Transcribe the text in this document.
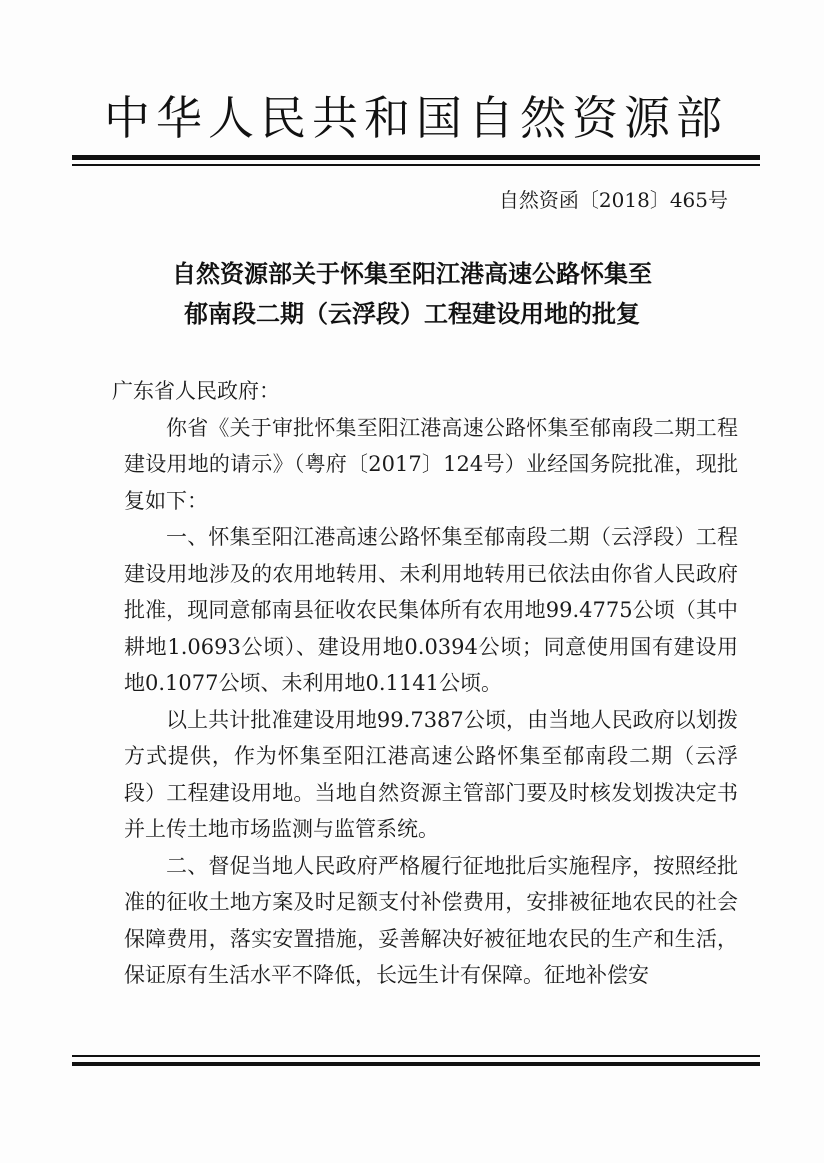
中华人民共和国自然资源部
自然资函〔2018〕465号
自然资源部关于怀集至阳江港高速公路怀集至
郁南段二期（云浮段）工程建设用地的批复

广东省人民政府：

你省《关于审批怀集至阳江港高速公路怀集至郁南段二期工程建设用地的请示》（粤府〔2017〕124号）业经国务院批准，现批复如下：

一、怀集至阳江港高速公路怀集至郁南段二期（云浮段）工程建设用地涉及的农用地转用、未利用地转用已依法由你省人民政府批准，现同意郁南县征收农民集体所有农用地99.4775公顷（其中耕地1.0693公顷）、建设用地0.0394公顷；同意使用国有建设用地0.1077公顷、未利用地0.1141公顷。

以上共计批准建设用地99.7387公顷，由当地人民政府以划拨方式提供，作为怀集至阳江港高速公路怀集至郁南段二期（云浮段）工程建设用地。当地自然资源主管部门要及时核发划拨决定书并上传土地市场监测与监管系统。

二、督促当地人民政府严格履行征地批后实施程序，按照经批准的征收土地方案及时足额支付补偿费用，安排被征地农民的社会保障费用，落实安置措施，妥善解决好被征地农民的生产和生活，保证原有生活水平不降低，长远生计有保障。征地补偿安
